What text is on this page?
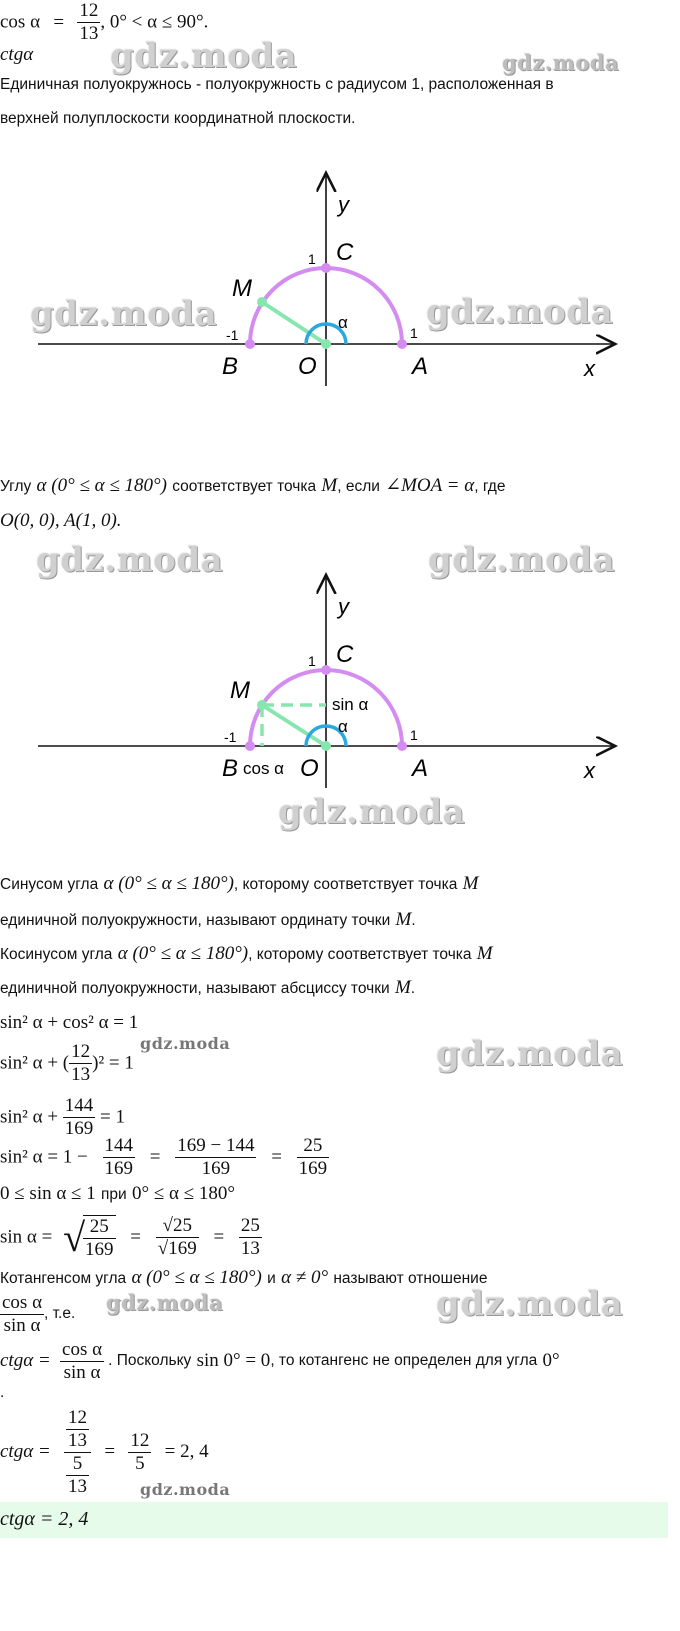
$\cos \alpha = \frac{12}{13}$ , 0° < α ≤ 90°.
ctgα gdz.moda	gdz.moda
Единичная полуокружнось - полуокружность с радиусом 1, расположенная в
верхней полуплоскости координатной плоскости.
y
1 C
M
α
-1	1
B O	A	x
gdz.moda	gdz.moda
Углу α (0° ≤ α ≤ 180°) соответствует точка M, если ∠MOA = α, где
O(0, 0), A(1, 0).
gdz.moda	gdz.moda
y
1 C
M
sin α
α
-1	1
B cos α O	A	x
gdz.moda
Синусом угла α (0° ≤ α ≤ 180°), которому соответствует точка M
единичной полуокружности, называют ординату точки M.
Косинусом угла α (0° ≤ α ≤ 180°), которому соответствует точка M
единичной полуокружности, называют абсциссу точки M.
sin² α + cos² α = 1
sin² α + ( $\frac{12}{13} )^2 = 1$
gdz.moda	gdz.moda
sin² $\alpha + \frac{144}{169} = 1$
sin² $\alpha = 1 - \frac{144}{169} = \frac{169 - 144}{169} = \frac{25}{169}$
0 ≤ sin α ≤ 1 при 0° ≤ α ≤ 180°
sin α = √
$\frac{25}{169} = \frac{√25}{√169} = \frac{25}{13}$
Котангенсом угла α (0° ≤ α ≤ 180°) и α ≠ 0° называют отношение
$\frac{\text{cos α}}{\text{sin α}}$ , т.е. gdz.moda	gdz.moda
$ctg\alpha = \frac{\text{cos α}}{\text{sin α}}$ . Поскольку sin 0° = 0, то котангенс не определен для угла 0°
.
$ctg\alpha = \frac{\frac{12}{13}}{\frac{5}{13}} = \frac{12}{5} = 2$, 4
gdz.moda
ctgα = 2, 4
